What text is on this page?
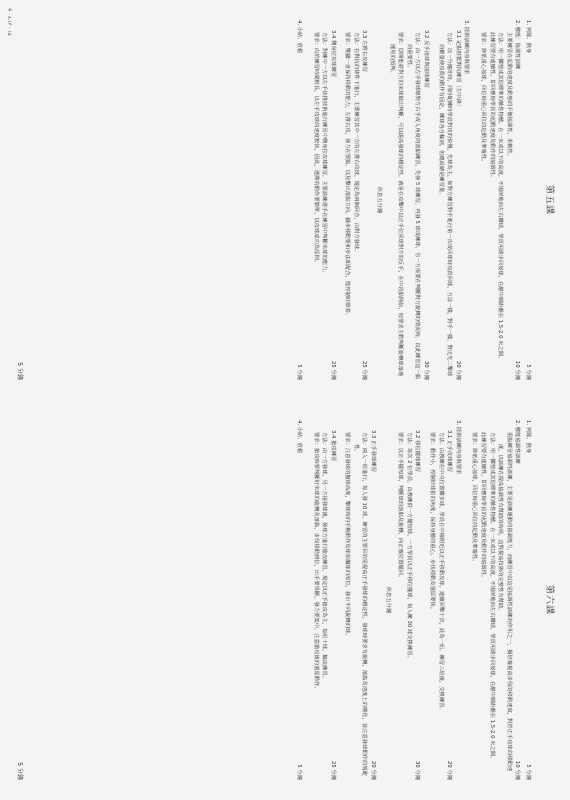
第五課
1. 列隊、熱身
5 分鐘
2. 體能：協調性訓練
10 分鐘
主要練習在起動的速度及動態的平衡協調性，柔軟性。
方法：用一擲墊或其他標準的軟性物體，在一米或以下的高度，不規律地向左右擲球，學員用跳步回接球，在離中線距離在 1.5-2.0 米之間。
此練習要有連續性，即回應時學員的起動速度及動作的協調性。
要求：降低重心接球，回位時重心回位的起動及準確性。
3. 技術訓練內容與要求
3.1 定點射籃對抗練習（左中鋒）
20 分鐘
方法：以一分鐘計時，同時配練時學員對攻的快慢，先球為主，如對方練習對手進行第一次或回球時攻殺回球，方法一樣，對手一樣，對比先二擊球的數量使攻殺的動作有固定，練球各自輪詞，但總成績是練習量。
3.2 反手接球與接球練習
30 分鐘
方法：由一方以左手發球線對方右手或人角度的落點練習，先發 5 球練習，再發 5 球或練球，另一方需要在判斷對方旋轉的情況時，以此練習這一點的重要性。
要求：即開能將對方的來球做出判斷，可以提高發球的穩定性，就是在攻擊中以正手位回球對方的反手，在中段點開始，按要求主動判斷旋轉球落地運用的預判。
休息五分鐘
3.3 左推右攻練習
25 分鐘
方法：在對抗的條件下進行，主要練習其中一方的左推右攻球，規定為兩個回合，由對方發球。
要求：雙腳一直保持移動的能力，左推右攻，發力在要點，以及擊出落點方向，腳步移動要和步法相配合，能控制好節奏。
3.4 側身拉攻球練習
25 分鐘
方法：對練中一方以左手快推技術進行練習中側身拉攻球練習，主要訓練選手在練習中判斷來球的能力。
要求：由於練習時間較長，以左手攻球的速度較快，因此，選擇的動作要簡單，以攻球成功為原則。
4. 小結、放鬆
5 分鐘
5 分鐘
4 · ۸.۱۴ · ۱۵
第六課
1. 列隊、熱身
5 分鐘
2. 體能協調性訓練
10 分鐘
重點練習協調性訓練，主要是訓練運動的協調能力，而練習中以這是協調性訓練的作用之一，擬培養提高步伐的移動速度，對於正手攻球的移動速度，以訓練在提高協調性有幫助的時候，這對提高技術的完整性有幫助。
方法：用一擲墊或其他標準的軟性物體，在一米或以下的高度，不規律地向左右擲球，學員用跳步回接球，在離中線距離在 1.5-2.0 米之間。
此練習要有連續性，即回應時學員的起動速度及動作的協調性。
要求：降低重心接球，回位時重心回位的起動及準確性。
3. 技術訓練內容與要求
3.1 正手攻球練習
20 分鐘
方法：由教練在中央位置擲多球，學員在中線附近以正手移動攻球，連續回擊十次，此為一組，練習三組後，交換練習。
要求：動作小，控制好球拍的角度，保持身體的重心，步伐移動及還原要快。
3.2 移位擺球練習
30 分鐘
方法：每次 2 位學員，由教練供一方擺短球，一方學員以正手移位擺球，每人練 30 球交換練習。
要求：以正手擺短球，判斷球的落點及旋轉，向正確位置擺回。
休息五分鐘
3.3 正手發球練習
20 分鐘
方法：兩人一組進行，每人發 10 球，練習的主要目的是提高正手發球的穩定性，發球時要求有旋轉，落點及速度上的變化，並注意發球動作的規範性。
要求：注意發球的拋球高度，擊球時的手腕動作及球拍觸球的部位，發出不同旋轉的球。
3.4 搶攻練習
25 分鐘
方法：由一方發球，另一方接發球後，發球方進行搶攻練習，規定以正手搶攻為主，每組十球，輪流練習。
要求：搶攻時要判斷好來球的旋轉及落點，步伐移動到位，出手要果斷，發力要集中，注意搶攻後的還原動作。
4. 小結、放鬆
5 分鐘
5 分鐘
